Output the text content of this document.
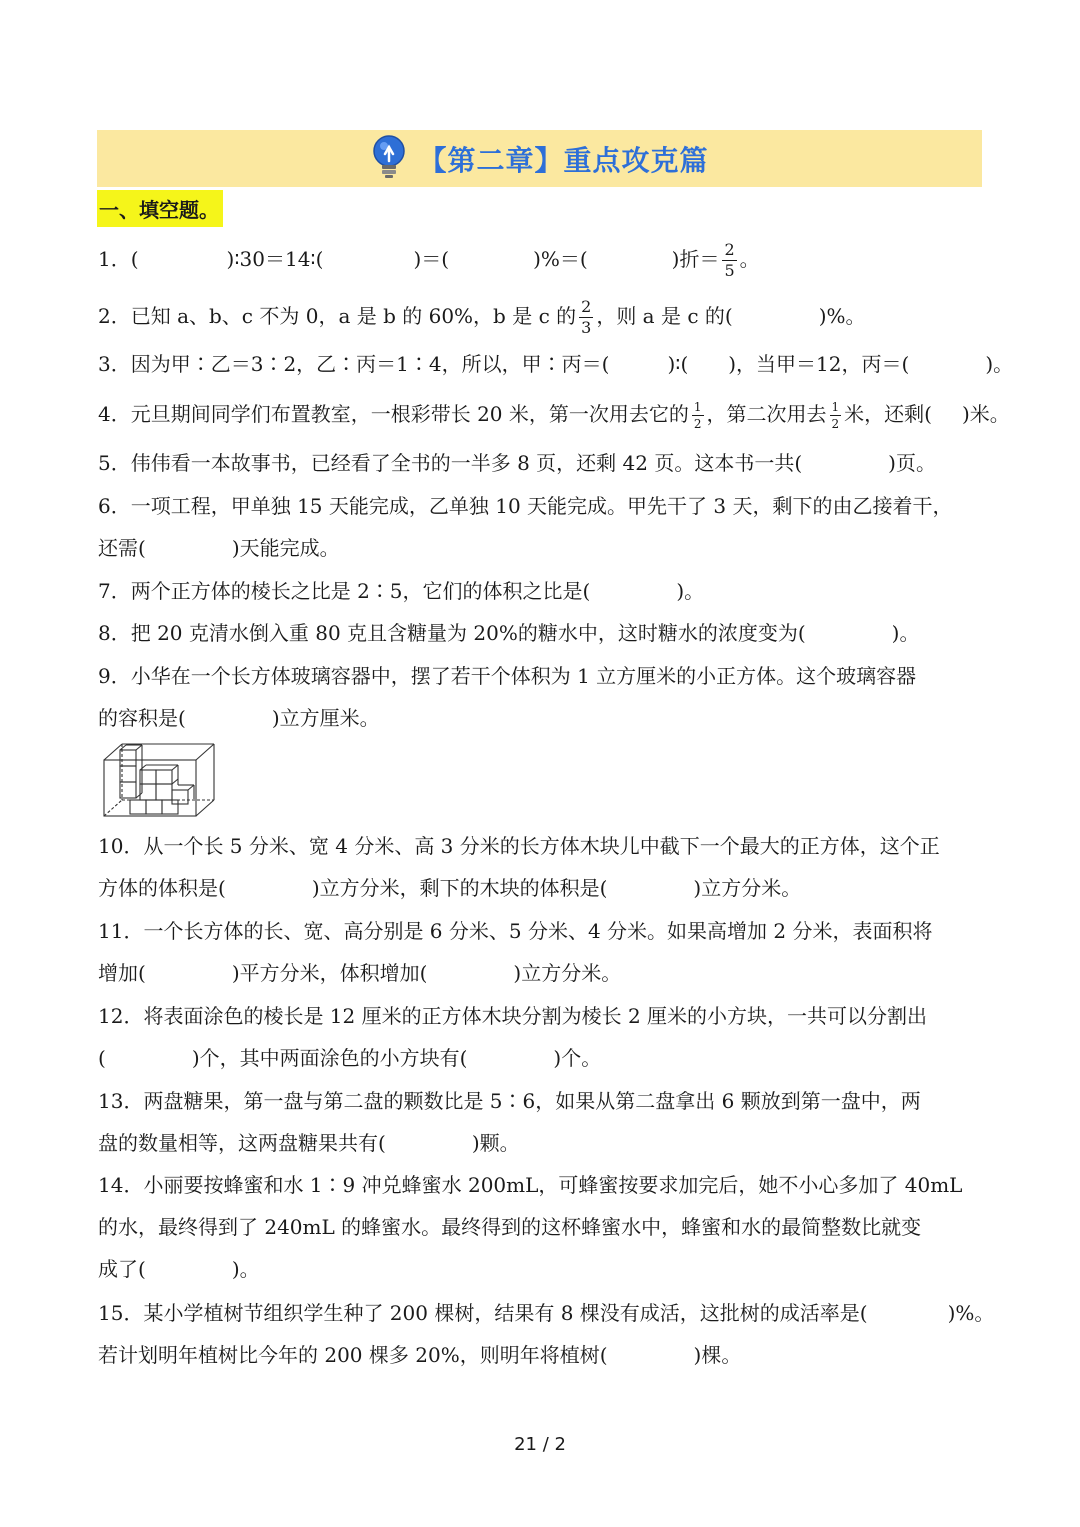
【第二章】重点攻克篇
一、填空题。
1．(	)∶30＝14∶(	)＝(	)%＝(	)折＝ $\frac{2}{5}$ 。
2．已知 a、b、c 不为 0，a 是 b 的 60%，b 是 c 的 $\frac{2}{3}$ ，则 a 是 c 的(	)%。
3．因为甲∶乙＝3∶2，乙∶丙＝1∶4，所以，甲∶丙＝(	)∶( )，当甲＝12，丙＝(	)。
4．元旦期间同学们布置教室，一根彩带长 20 米，第一次用去它的 $\frac{1}{2}$ ，第二次用去 $\frac{1}{2}$ 米，还剩( )米。
5．伟伟看一本故事书，已经看了全书的一半多 8 页，还剩 42 页。这本书一共(	)页。
6．一项工程，甲单独 15 天能完成，乙单独 10 天能完成。甲先干了 3 天，剩下的由乙接着干，
还需(	)天能完成。
7．两个正方体的棱长之比是 2∶5，它们的体积之比是(	)。
8．把 20 克清水倒入重 80 克且含糖量为 20%的糖水中，这时糖水的浓度变为(	)。
9．小华在一个长方体玻璃容器中，摆了若干个体积为 1 立方厘米的小正方体。这个玻璃容器
的容积是(	)立方厘米。
10．从一个长 5 分米、宽 4 分米、高 3 分米的长方体木块儿中截下一个最大的正方体，这个正
方体的体积是(	)立方分米，剩下的木块的体积是(	)立方分米。
11．一个长方体的长、宽、高分别是 6 分米、5 分米、4 分米。如果高增加 2 分米，表面积将
增加(	)平方分米，体积增加(	)立方分米。
12．将表面涂色的棱长是 12 厘米的正方体木块分割为棱长 2 厘米的小方块，一共可以分割出
(	)个，其中两面涂色的小方块有(	)个。
13．两盘糖果，第一盘与第二盘的颗数比是 5∶6，如果从第二盘拿出 6 颗放到第一盘中，两
盘的数量相等，这两盘糖果共有(	)颗。
14．小丽要按蜂蜜和水 1∶9 冲兑蜂蜜水 200mL，可蜂蜜按要求加完后，她不小心多加了 40mL
的水，最终得到了 240mL 的蜂蜜水。最终得到的这杯蜂蜜水中，蜂蜜和水的最简整数比就变
成了(	)。
15．某小学植树节组织学生种了 200 棵树，结果有 8 棵没有成活，这批树的成活率是(	)%。
若计划明年植树比今年的 200 棵多 20%，则明年将植树(	)棵。
21 / 2
